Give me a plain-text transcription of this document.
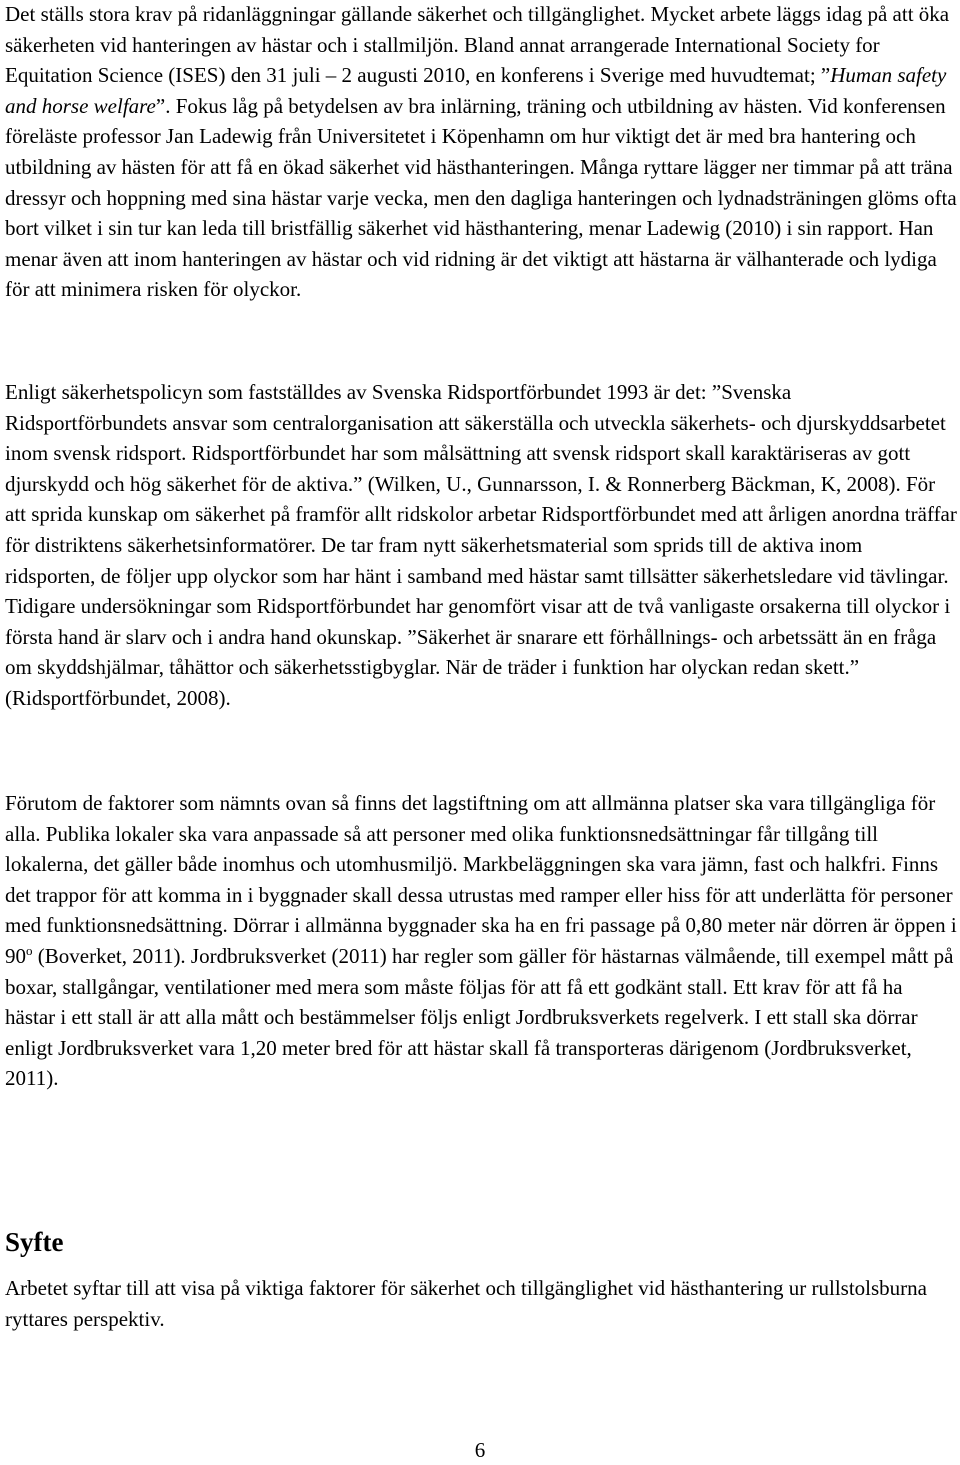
Det ställs stora krav på ridanläggningar gällande säkerhet och tillgänglighet. Mycket arbete läggs idag på att öka säkerheten vid hanteringen av hästar och i stallmiljön. Bland annat arrangerade International Society for Equitation Science (ISES) den 31 juli – 2 augusti 2010, en konferens i Sverige med huvudtemat; ”Human safety and horse welfare”. Fokus låg på betydelsen av bra inlärning, träning och utbildning av hästen. Vid konferensen föreläste professor Jan Ladewig från Universitetet i Köpenhamn om hur viktigt det är med bra hantering och utbildning av hästen för att få en ökad säkerhet vid hästhanteringen. Många ryttare lägger ner timmar på att träna dressyr och hoppning med sina hästar varje vecka, men den dagliga hanteringen och lydnadsträningen glöms ofta bort vilket i sin tur kan leda till bristfällig säkerhet vid hästhantering, menar Ladewig (2010) i sin rapport. Han menar även att inom hanteringen av hästar och vid ridning är det viktigt att hästarna är välhanterade och lydiga för att minimera risken för olyckor.

Enligt säkerhetspolicyn som fastställdes av Svenska Ridsportförbundet 1993 är det: ”Svenska Ridsportförbundets ansvar som centralorganisation att säkerställa och utveckla säkerhets- och djurskyddsarbetet inom svensk ridsport. Ridsportförbundet har som målsättning att svensk ridsport skall karaktäriseras av gott djurskydd och hög säkerhet för de aktiva.” (Wilken, U., Gunnarsson, I. & Ronnerberg Bäckman, K, 2008). För att sprida kunskap om säkerhet på framför allt ridskolor arbetar Ridsportförbundet med att årligen anordna träffar för distriktens säkerhetsinformatörer. De tar fram nytt säkerhetsmaterial som sprids till de aktiva inom ridsporten, de följer upp olyckor som har hänt i samband med hästar samt tillsätter säkerhetsledare vid tävlingar. Tidigare undersökningar som Ridsportförbundet har genomfört visar att de två vanligaste orsakerna till olyckor i första hand är slarv och i andra hand okunskap. ”Säkerhet är snarare ett förhållnings- och arbetssätt än en fråga om skyddshjälmar, tåhättor och säkerhetsstigbyglar. När de träder i funktion har olyckan redan skett.” (Ridsportförbundet, 2008).

Förutom de faktorer som nämnts ovan så finns det lagstiftning om att allmänna platser ska vara tillgängliga för alla. Publika lokaler ska vara anpassade så att personer med olika funktionsnedsättningar får tillgång till lokalerna, det gäller både inomhus och utomhusmiljö. Markbeläggningen ska vara jämn, fast och halkfri. Finns det trappor för att komma in i byggnader skall dessa utrustas med ramper eller hiss för att underlätta för personer med funktionsnedsättning. Dörrar i allmänna byggnader ska ha en fri passage på 0,80 meter när dörren är öppen i 90$^o$ (Boverket, 2011). Jordbruksverket (2011) har regler som gäller för hästarnas välmående, till exempel mått på boxar, stallgångar, ventilationer med mera som måste följas för att få ett godkänt stall. Ett krav för att få ha hästar i ett stall är att alla mått och bestämmelser följs enligt Jordbruksverkets regelverk. I ett stall ska dörrar enligt Jordbruksverket vara 1,20 meter bred för att hästar skall få transporteras därigenom (Jordbruksverket, 2011).

Syfte

Arbetet syftar till att visa på viktiga faktorer för säkerhet och tillgänglighet vid hästhantering ur rullstolsburna ryttares perspektiv.

6
